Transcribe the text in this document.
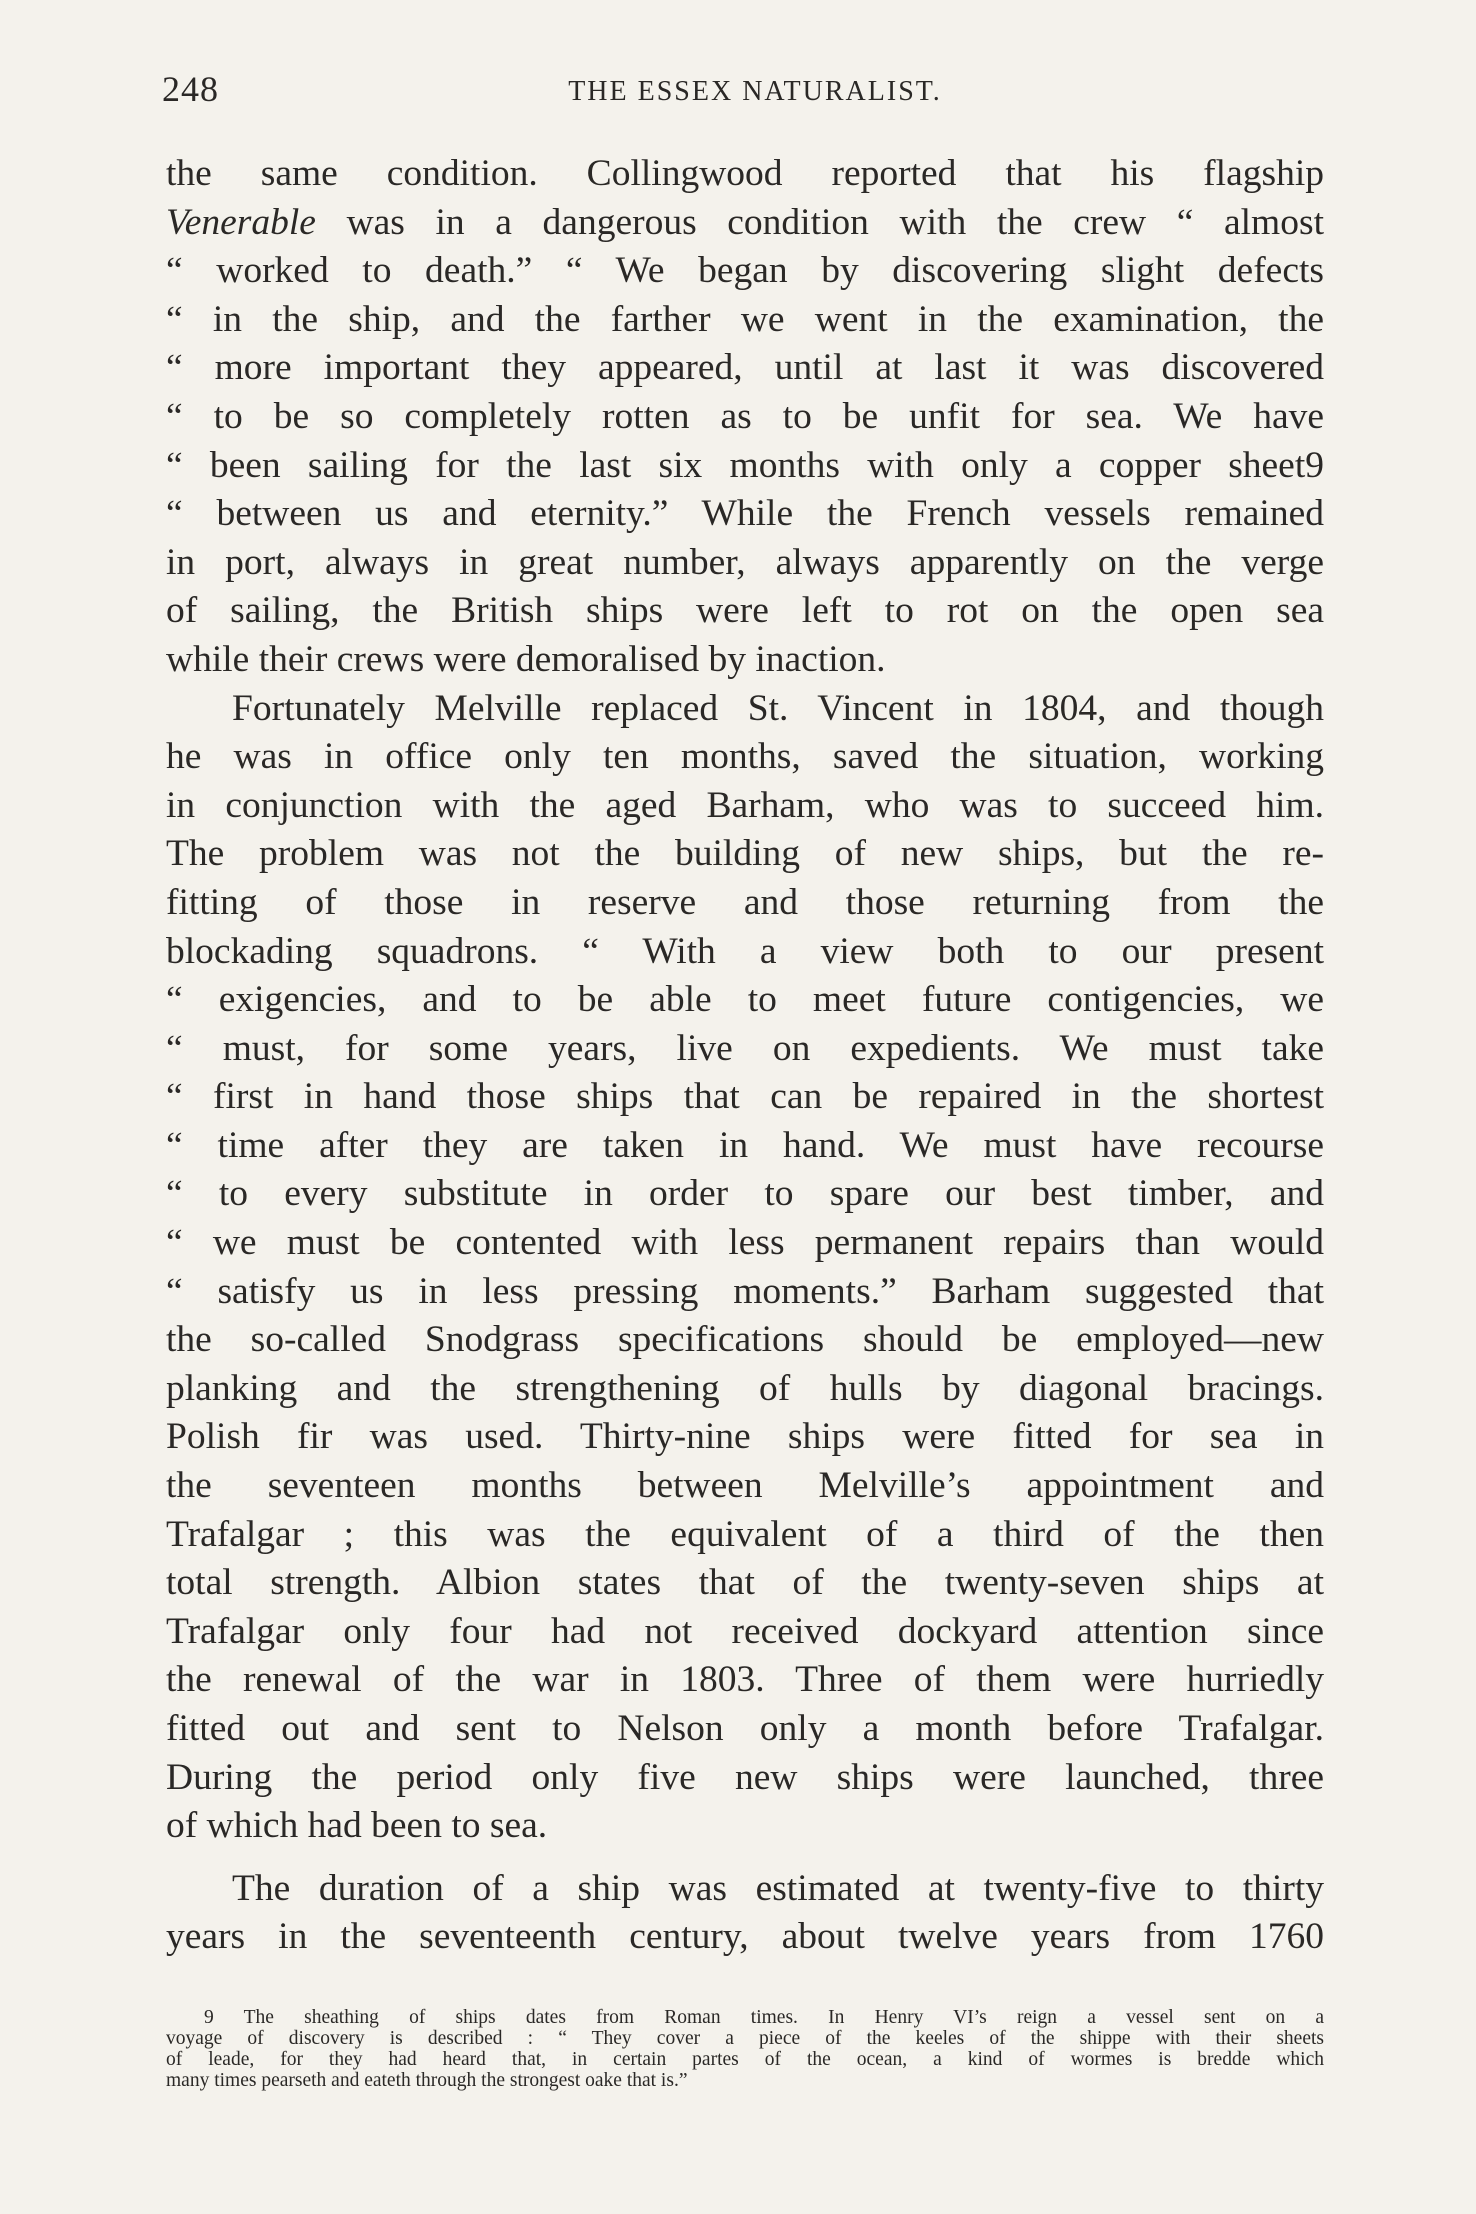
248	THE ESSEX NATURALIST.
the same condition. Collingwood reported that his flagship
Venerable was in a dangerous condition with the crew “ almost
“ worked to death.” “ We began by discovering slight defects
“ in the ship, and the farther we went in the examination, the
“ more important they appeared, until at last it was discovered
“ to be so completely rotten as to be unfit for sea. We have
“ been sailing for the last six months with only a copper sheet9
“ between us and eternity.” While the French vessels remained
in port, always in great number, always apparently on the verge
of sailing, the British ships were left to rot on the open sea
while their crews were demoralised by inaction.
Fortunately Melville replaced St. Vincent in 1804, and though
he was in office only ten months, saved the situation, working
in conjunction with the aged Barham, who was to succeed him.
The problem was not the building of new ships, but the re-
fitting of those in reserve and those returning from the
blockading squadrons. “ With a view both to our present
“ exigencies, and to be able to meet future contigencies, we
“ must, for some years, live on expedients. We must take
“ first in hand those ships that can be repaired in the shortest
“ time after they are taken in hand. We must have recourse
“ to every substitute in order to spare our best timber, and
“ we must be contented with less permanent repairs than would
“ satisfy us in less pressing moments.” Barham suggested that
the so-called Snodgrass specifications should be employed—new
planking and the strengthening of hulls by diagonal bracings.
Polish fir was used. Thirty-nine ships were fitted for sea in
the seventeen months between Melville’s appointment and
Trafalgar ; this was the equivalent of a third of the then
total strength. Albion states that of the twenty-seven ships at
Trafalgar only four had not received dockyard attention since
the renewal of the war in 1803. Three of them were hurriedly
fitted out and sent to Nelson only a month before Trafalgar.
During the period only five new ships were launched, three
of which had been to sea.
The duration of a ship was estimated at twenty-five to thirty
years in the seventeenth century, about twelve years from 1760
9 The sheathing of ships dates from Roman times. In Henry VI’s reign a vessel sent on a
voyage of discovery is described : “ They cover a piece of the keeles of the shippe with their sheets
of leade, for they had heard that, in certain partes of the ocean, a kind of wormes is bredde which
many times pearseth and eateth through the strongest oake that is.”
